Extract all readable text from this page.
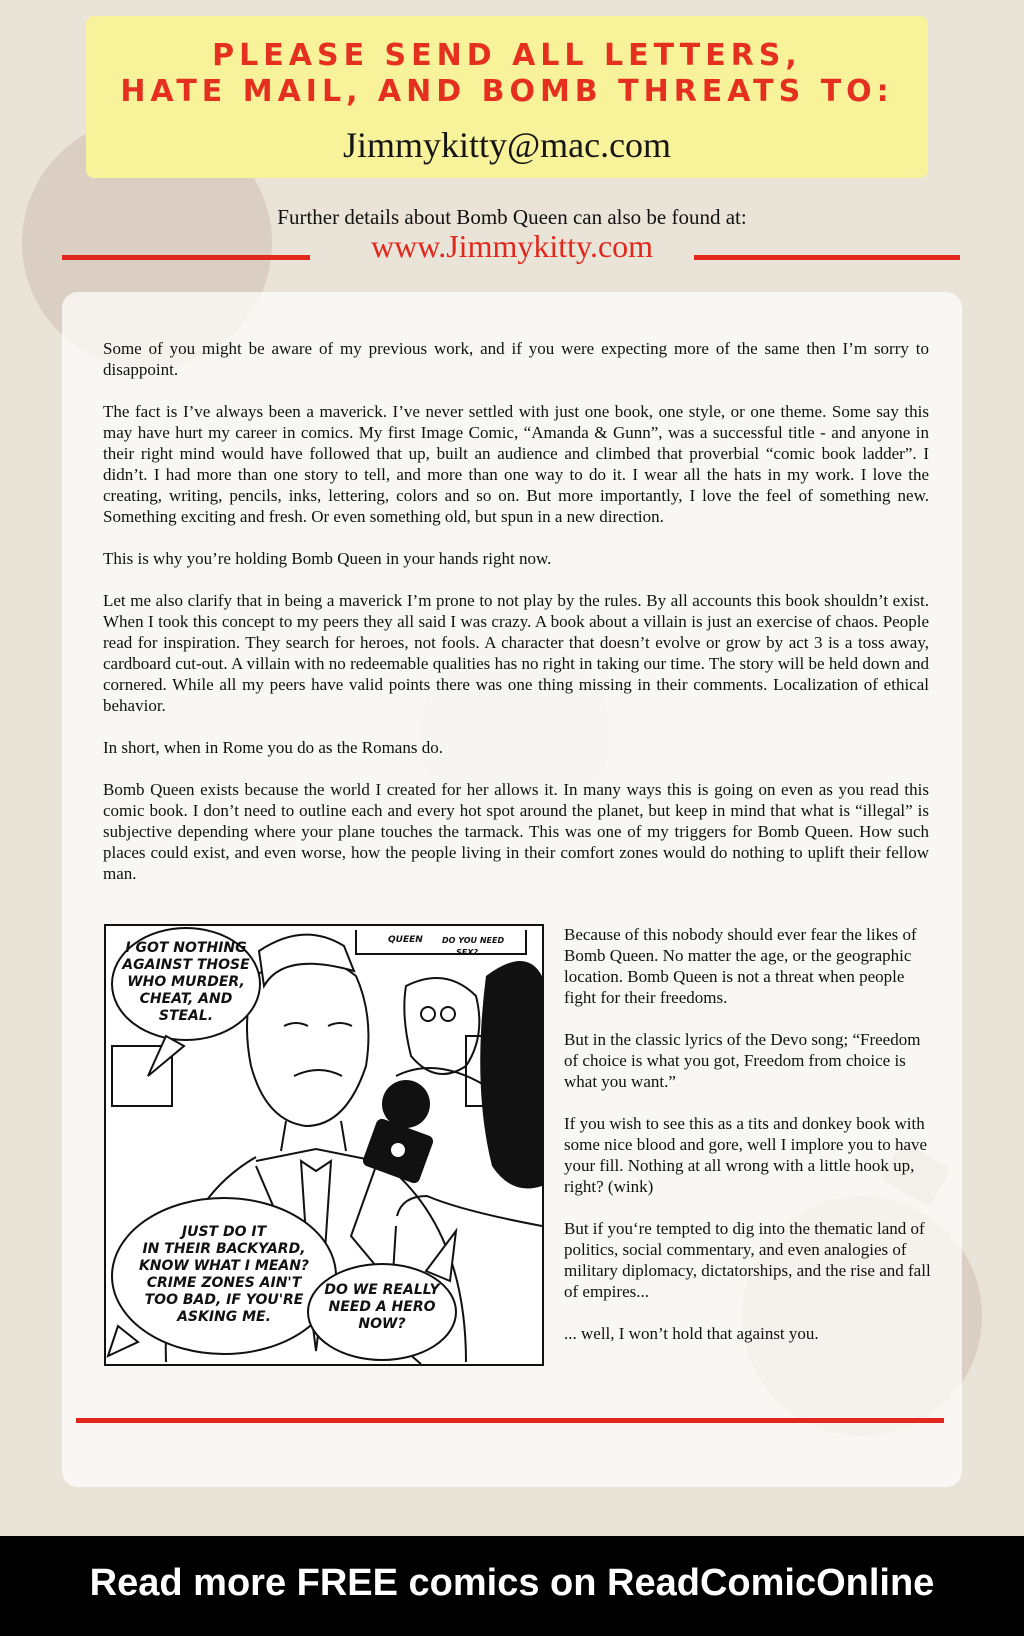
PLEASE SEND ALL LETTERS,
HATE MAIL, AND BOMB THREATS TO:
Jimmykitty@mac.com
Further details about Bomb Queen can also be found at:
www.Jimmykitty.com

Some of you might be aware of my previous work, and if you were expecting more of the same then I’m sorry to disappoint.

The fact is I’ve always been a maverick. I’ve never settled with just one book, one style, or one theme. Some say this may have hurt my career in comics. My first Image Comic, “Amanda & Gunn”, was a successful title - and anyone in their right mind would have followed that up, built an audience and climbed that proverbial “comic book ladder”. I didn’t. I had more than one story to tell, and more than one way to do it. I wear all the hats in my work. I love the creating, writing, pencils, inks, lettering, colors and so on. But more importantly, I love the feel of something new. Something exciting and fresh. Or even something old, but spun in a new direction.

This is why you’re holding Bomb Queen in your hands right now.

Let me also clarify that in being a maverick I’m prone to not play by the rules. By all accounts this book shouldn’t exist. When I took this concept to my peers they all said I was crazy. A book about a villain is just an exercise of chaos. People read for inspiration. They search for heroes, not fools. A character that doesn’t evolve or grow by act 3 is a toss away, cardboard cut-out. A villain with no redeemable qualities has no right in taking our time. The story will be held down and cornered. While all my peers have valid points there was one thing missing in their comments. Localization of ethical behavior.

In short, when in Rome you do as the Romans do.

Bomb Queen exists because the world I created for her allows it. In many ways this is going on even as you read this comic book. I don’t need to outline each and every hot spot around the planet, but keep in mind that what is “illegal” is subjective depending where your plane touches the tarmack. This was one of my triggers for Bomb Queen. How such places could exist, and even worse, how the people living in their comfort zones would do nothing to uplift their fellow man.

QUEEN DO YOU NEED
SEX?
I GOT NOTHING
AGAINST THOSE
WHO MURDER,
CHEAT, AND
STEAL.
JUST DO IT
IN THEIR BACKYARD,
KNOW WHAT I MEAN?
CRIME ZONES AIN'T
TOO BAD, IF YOU'RE
ASKING ME.
DO WE REALLY
NEED A HERO
NOW?

Because of this nobody should ever fear the likes of Bomb Queen. No matter the age, or the geographic location. Bomb Queen is not a threat when people fight for their freedoms.

But in the classic lyrics of the Devo song; “Freedom of choice is what you got, Freedom from choice is what you want.”

If you wish to see this as a tits and donkey book with some nice blood and gore, well I implore you to have your fill. Nothing at all wrong with a little hook up, right? (wink)

But if you‘re tempted to dig into the thematic land of politics, social commentary, and even analogies of military diplomacy, dictatorships, and the rise and fall of empires...

... well, I won’t hold that against you.

Read more FREE comics on ReadComicOnline
